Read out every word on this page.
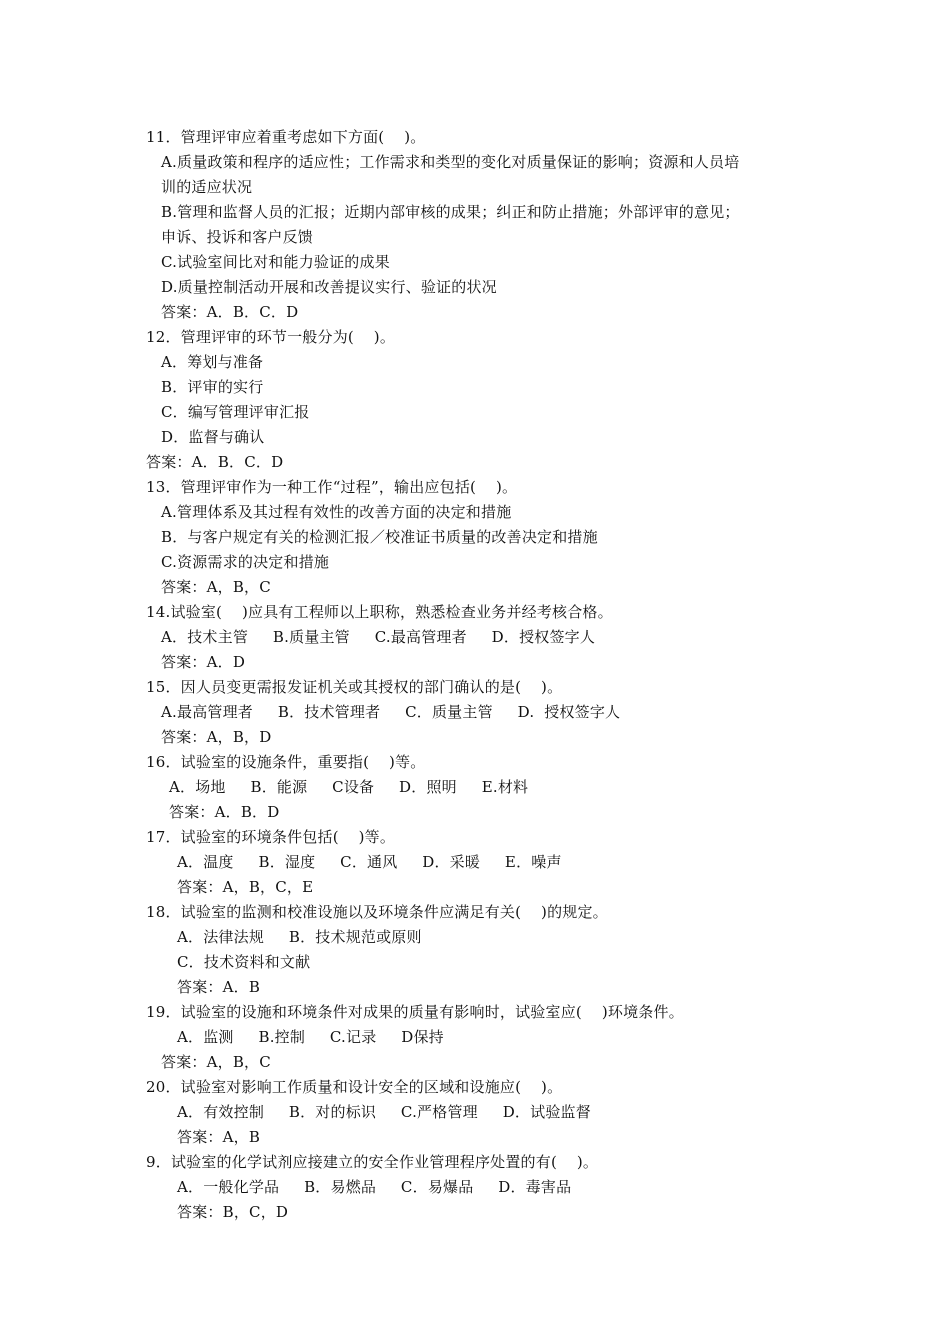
11．管理评审应着重考虑如下方面(    )。
A.质量政策和程序的适应性；工作需求和类型的变化对质量保证的影响；资源和人员培
训的适应状况
B.管理和监督人员的汇报；近期内部审核的成果；纠正和防止措施；外部评审的意见；
申诉、投诉和客户反馈
C.试验室间比对和能力验证的成果
D.质量控制活动开展和改善提议实行、验证的状况
答案：A．B．C．D
12．管理评审的环节一般分为(    )。
A．筹划与准备
B．评审的实行
C．编写管理评审汇报
D．监督与确认
答案：A．B．C．D
13．管理评审作为一种工作“过程”，输出应包括(    )。
A.管理体系及其过程有效性的改善方面的决定和措施
B．与客户规定有关的检测汇报／校准证书质量的改善决定和措施
C.资源需求的决定和措施
答案：A，B，C
14.试验室(    )应具有工程师以上职称，熟悉检查业务并经考核合格。
A．技术主管     B.质量主管     C.最高管理者     D．授权签字人
答案：A．D
15．因人员变更需报发证机关或其授权的部门确认的是(    )。
A.最高管理者     B．技术管理者     C．质量主管     D.  授权签字人
答案：A，B，D
16．试验室的设施条件，重要指(    )等。
A．场地     B．能源     C设备     D．照明     E.材料
答案：A．B．D
17．试验室的环境条件包括(    )等。
A．温度     B．湿度     C．通风     D．采暖     E．噪声
答案：A，B，C，E
18．试验室的监测和校准设施以及环境条件应满足有关(    )的规定。
A．法律法规     B．技术规范或原则
C．技术资料和文献
答案：A．B
19．试验室的设施和环境条件对成果的质量有影响时，试验室应(    )环境条件。
A．监测     B.控制     C.记录     D保持
答案：A，B，C
20．试验室对影响工作质量和设计安全的区域和设施应(    )。
A．有效控制     B．对的标识     C.严格管理     D．试验监督
答案：A，B
9．试验室的化学试剂应接建立的安全作业管理程序处置的有(    )。
A．一般化学品     B．易燃品     C．易爆品     D．毒害品
答案：B，C，D
